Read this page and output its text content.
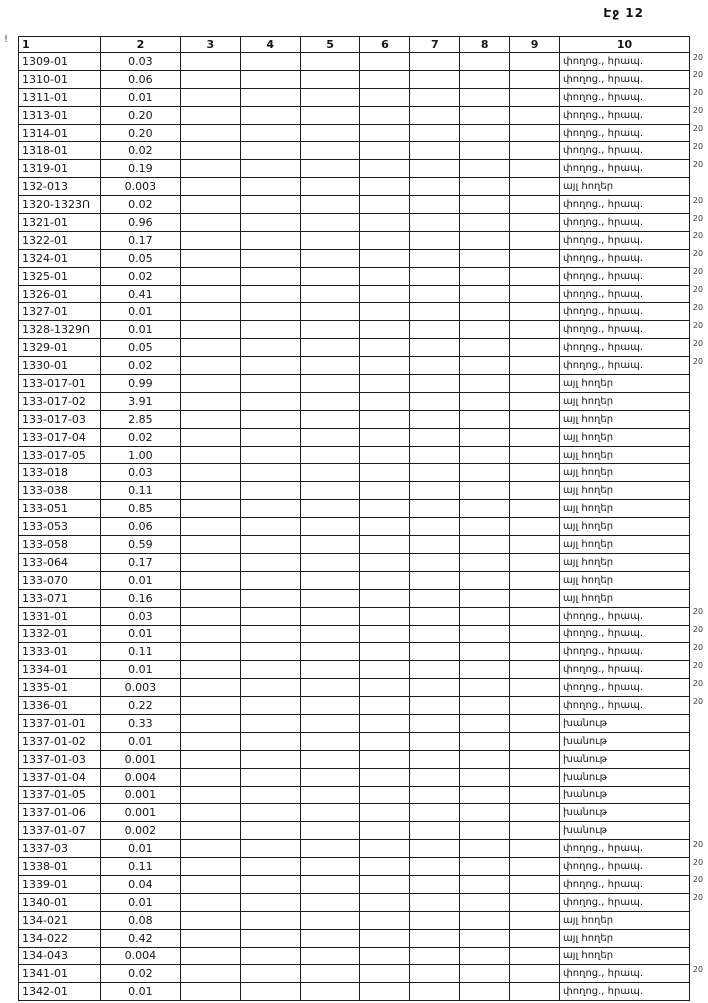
Էջ 12
! 1	2	3	4	5	6	7	8	9	10	
1309-01	0.03								փողոց., հրապ.	20
1310-01	0.06								փողոց., հրապ.	20
1311-01	0.01								փողոց., հրապ.	20
1313-01	0.20								փողոց., հրապ.	20
1314-01	0.20								փողոց., հրապ.	20
1318-01	0.02								փողոց., հրապ.	20
1319-01	0.19								փողոց., հրապ.	20
132-013	0.003								այլ հողեր	
1320-1323Ո	0.02								փողոց., հրապ.	20
1321-01	0.96								փողոց., հրապ.	20
1322-01	0.17								փողոց., հրապ.	20
1324-01	0.05								փողոց., հրապ.	20
1325-01	0.02								փողոց., հրապ.	20
1326-01	0.41								փողոց., հրապ.	20
1327-01	0.01								փողոց., հրապ.	20
1328-1329Ո	0.01								փողոց., հրապ.	20
1329-01	0.05								փողոց., հրապ.	20
1330-01	0.02								փողոց., հրապ.	20
133-017-01	0.99								այլ հողեր	
133-017-02	3.91								այլ հողեր	
133-017-03	2.85								այլ հողեր	
133-017-04	0.02								այլ հողեր	
133-017-05	1.00								այլ հողեր	
133-018	0.03								այլ հողեր	
133-038	0.11								այլ հողեր	
133-051	0.85								այլ հողեր	
133-053	0.06								այլ հողեր	
133-058	0.59								այլ հողեր	
133-064	0.17								այլ հողեր	
133-070	0.01								այլ հողեր	
133-071	0.16								այլ հողեր	
1331-01	0.03								փողոց., հրապ.	20
1332-01	0.01								փողոց., հրապ.	20
1333-01	0.11								փողոց., հրապ.	20
1334-01	0.01								փողոց., հրապ.	20
1335-01	0.003								փողոց., հրապ.	20
1336-01	0.22								փողոց., հրապ.	20
1337-01-01	0.33								խանութ	
1337-01-02	0.01								խանութ	
1337-01-03	0.001								խանութ	
1337-01-04	0.004								խանութ	
1337-01-05	0.001								խանութ	
1337-01-06	0.001								խանութ	
1337-01-07	0.002								խանութ	
1337-03	0.01								փողոց., հրապ.	20
1338-01	0.11								փողոց., հրապ.	20
1339-01	0.04								փողոց., հրապ.	20
1340-01	0.01								փողոց., հրապ.	20
134-021	0.08								այլ հողեր	
134-022	0.42								այլ հողեր	
134-043	0.004								այլ հողեր	
1341-01	0.02								փողոց., հրապ.	20
1342-01	0.01								փողոց., հրապ.	
